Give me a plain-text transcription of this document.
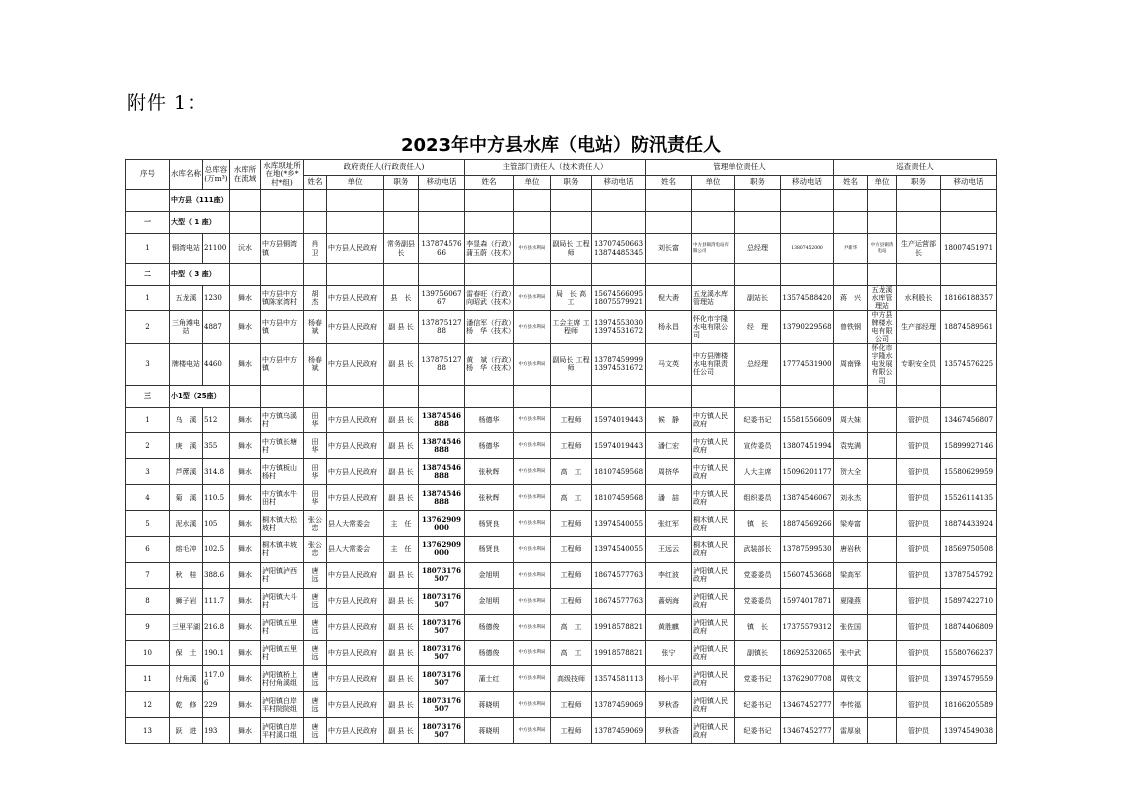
附件 1：
2023年中方县水库（电站）防汛责任人
序号	水库名称	总库容(万m³)	水库所在流域	水库坝址所在地(*乡*村*组)	政府责任人(行政责任人)				主管部门责任人（技术责任人）				管理单位责任人				巡查责任人			
					姓名	单位	职务	移动电话	姓名	单位	职务	移动电话	姓名	单位	职务	移动电话	姓名	单位	职务	移动电话
	中方县（111座）																			
一	大型（ 1 座）																			
1	铜湾电站	21100	沅水	中方县铜湾镇	肖　卫	中方县人民政府	常务副县长	13787457666	李显森（行政）蒲玉蔚（技术）	中方县水利局	副局长 工程师	13707450663 13874485345	刘长富	中方县铜湾电站有限公司	总经理	13807452000	尹新华	中方县铜湾电站	生产运营部长	18007451971
二	中型（ 3 座）																			
1	五龙溪	1230	舞水	中方县中方镇陈家湾村	胡　杰	中方县人民政府	县　长	13975606767	雷春旺（行政）向昭武（技术）	中方县水利局	局　长 高　工	15674566095 18075579921	倪大赉	五龙溪水库管理站	副站长	13574588420	蒋　兴	五龙溪水库管理站	水利股长	18166188357
2	三角滩电站	4887	舞水	中方县中方镇	杨春斌	中方县人民政府	副 县 长	13787512788	潘信军（行政）杨　华（技术）	中方县水利局	工会主席 工程师	13974553030 13974531672	杨永昌	怀化市宇隆水电有限公司	经　理	13790229568	曾铁钢	中方县牌楼水电有限公司	生产部经理	18874589561
3	牌楼电站	4460	舞水	中方县中方镇	杨春斌	中方县人民政府	副 县 长	13787512788	黄　斌（行政）杨　华（技术）	中方县水利局	副局长 工程师	13787459999 13974531672	马文英	中方县牌楼水电有限责任公司	总经理	17774531900	周南锋	怀化市宇隆水电发展有限公司	专职安全员	13574576225
三	小1型（25座）																			
1	乌　溪	512	舞水	中方镇乌溪村	田　华	中方县人民政府	副 县 长	13874546888	杨德华	中方县水利局	工程师	15974019443	候　静	中方镇人民政府	纪委书记	15581556609	周大妹		管护员	13467456807
2	庚　溪	355	舞水	中方镇长塘村	田　华	中方县人民政府	副 县 长	13874546888	杨德华	中方县水利局	工程师	15974019443	潘仁宏	中方镇人民政府	宣传委员	13807451994	袁宪满		管护员	15899927146
3	芦蓆溪	314.8	舞水	中方镇板山杨村	田　华	中方县人民政府	副 县 长	13874546888	张秋辉	中方县水利局	高　工	18107459568	周挤华	中方镇人民政府	人大主席	15096201177	贺大全		管护员	15580629959
4	菊　溪	110.5	舞水	中方镇水牛田村	田　华	中方县人民政府	副 县 长	13874546888	张秋辉	中方县水利局	高　工	18107459568	潘　喆	中方镇人民政府	组织委员	13874546067	刘永杰		管护员	15526114135
5	泥水溪	105	舞水	桐木镇大松坡村	张公忠	县人大常委会	主　任	13762909000	杨贤良	中方县水利局	工程师	13974540055	张红军	桐木镇人民政府	镇　长	18874569266	梁寿富		管护员	18874433924
6	熔毛冲	102.5	舞水	桐木镇丰坡村	张公忠	县人大常委会	主　任	13762909000	杨贤良	中方县水利局	工程师	13974540055	王远云	桐木镇人民政府	武装部长	13787599530	唐岩秋		管护员	18569750508
7	秋　桂	388.6	舞水	泸阳镇泸西村	唐　远	中方县人民政府	副 县 长	18073176507	金旭明	中方县水利局	工程师	18674577763	李红波	泸阳镇人民政府	党委委员	15607453668	梁高军		管护员	13787545792
8	狮子岩	111.7	舞水	泸阳镇大斗村	唐　远	中方县人民政府	副 县 长	18073176507	金旭明	中方县水利局	工程师	18674577763	蔷炳海	泸阳镇人民政府	党委委员	15974017871	夏隆燕		管护员	15897422710
9	三里平湖	216.8	舞水	泸阳镇五里村	唐　远	中方县人民政府	副 县 长	18073176507	杨德俊	中方县水利局	高　工	19918578821	黄胜麒	泸阳镇人民政府	镇　长	17375579312	张佐国		管护员	18874406809
10	保　土	190.1	舞水	泸阳镇五里村	唐　远	中方县人民政府	副 县 长	18073176507	杨德俊	中方县水利局	高　工	19918578821	张宁	泸阳镇人民政府	副镇长	18692532065	张中武		管护员	15580766237
11	付角溪	117.06	舞水	泸阳镇桥上村付角溪组	唐　远	中方县人民政府	副 县 长	18073176507	蒲士红	中方县水利局	高级技师	13574581113	杨小平	泸阳镇人民政府	党委书记	13762907708	周铁文		管护员	13974579559
12	乾　修	229	舞水	泸阳镇白岸平村院院组	唐　远	中方县人民政府	副 县 长	18073176507	蒋晓明	中方县水利局	工程师	13787459069	罗秋香	泸阳镇人民政府	纪委书记	13467452777	李传福		管护员	18166205589
13	跃　进	193	舞水	泸阳镇白岸平村溪口组	唐　远	中方县人民政府	副 县 长	18073176507	蒋晓明	中方县水利局	工程师	13787459069	罗秋香	泸阳镇人民政府	纪委书记	13467452777	雷厚泉		管护员	13974549038
